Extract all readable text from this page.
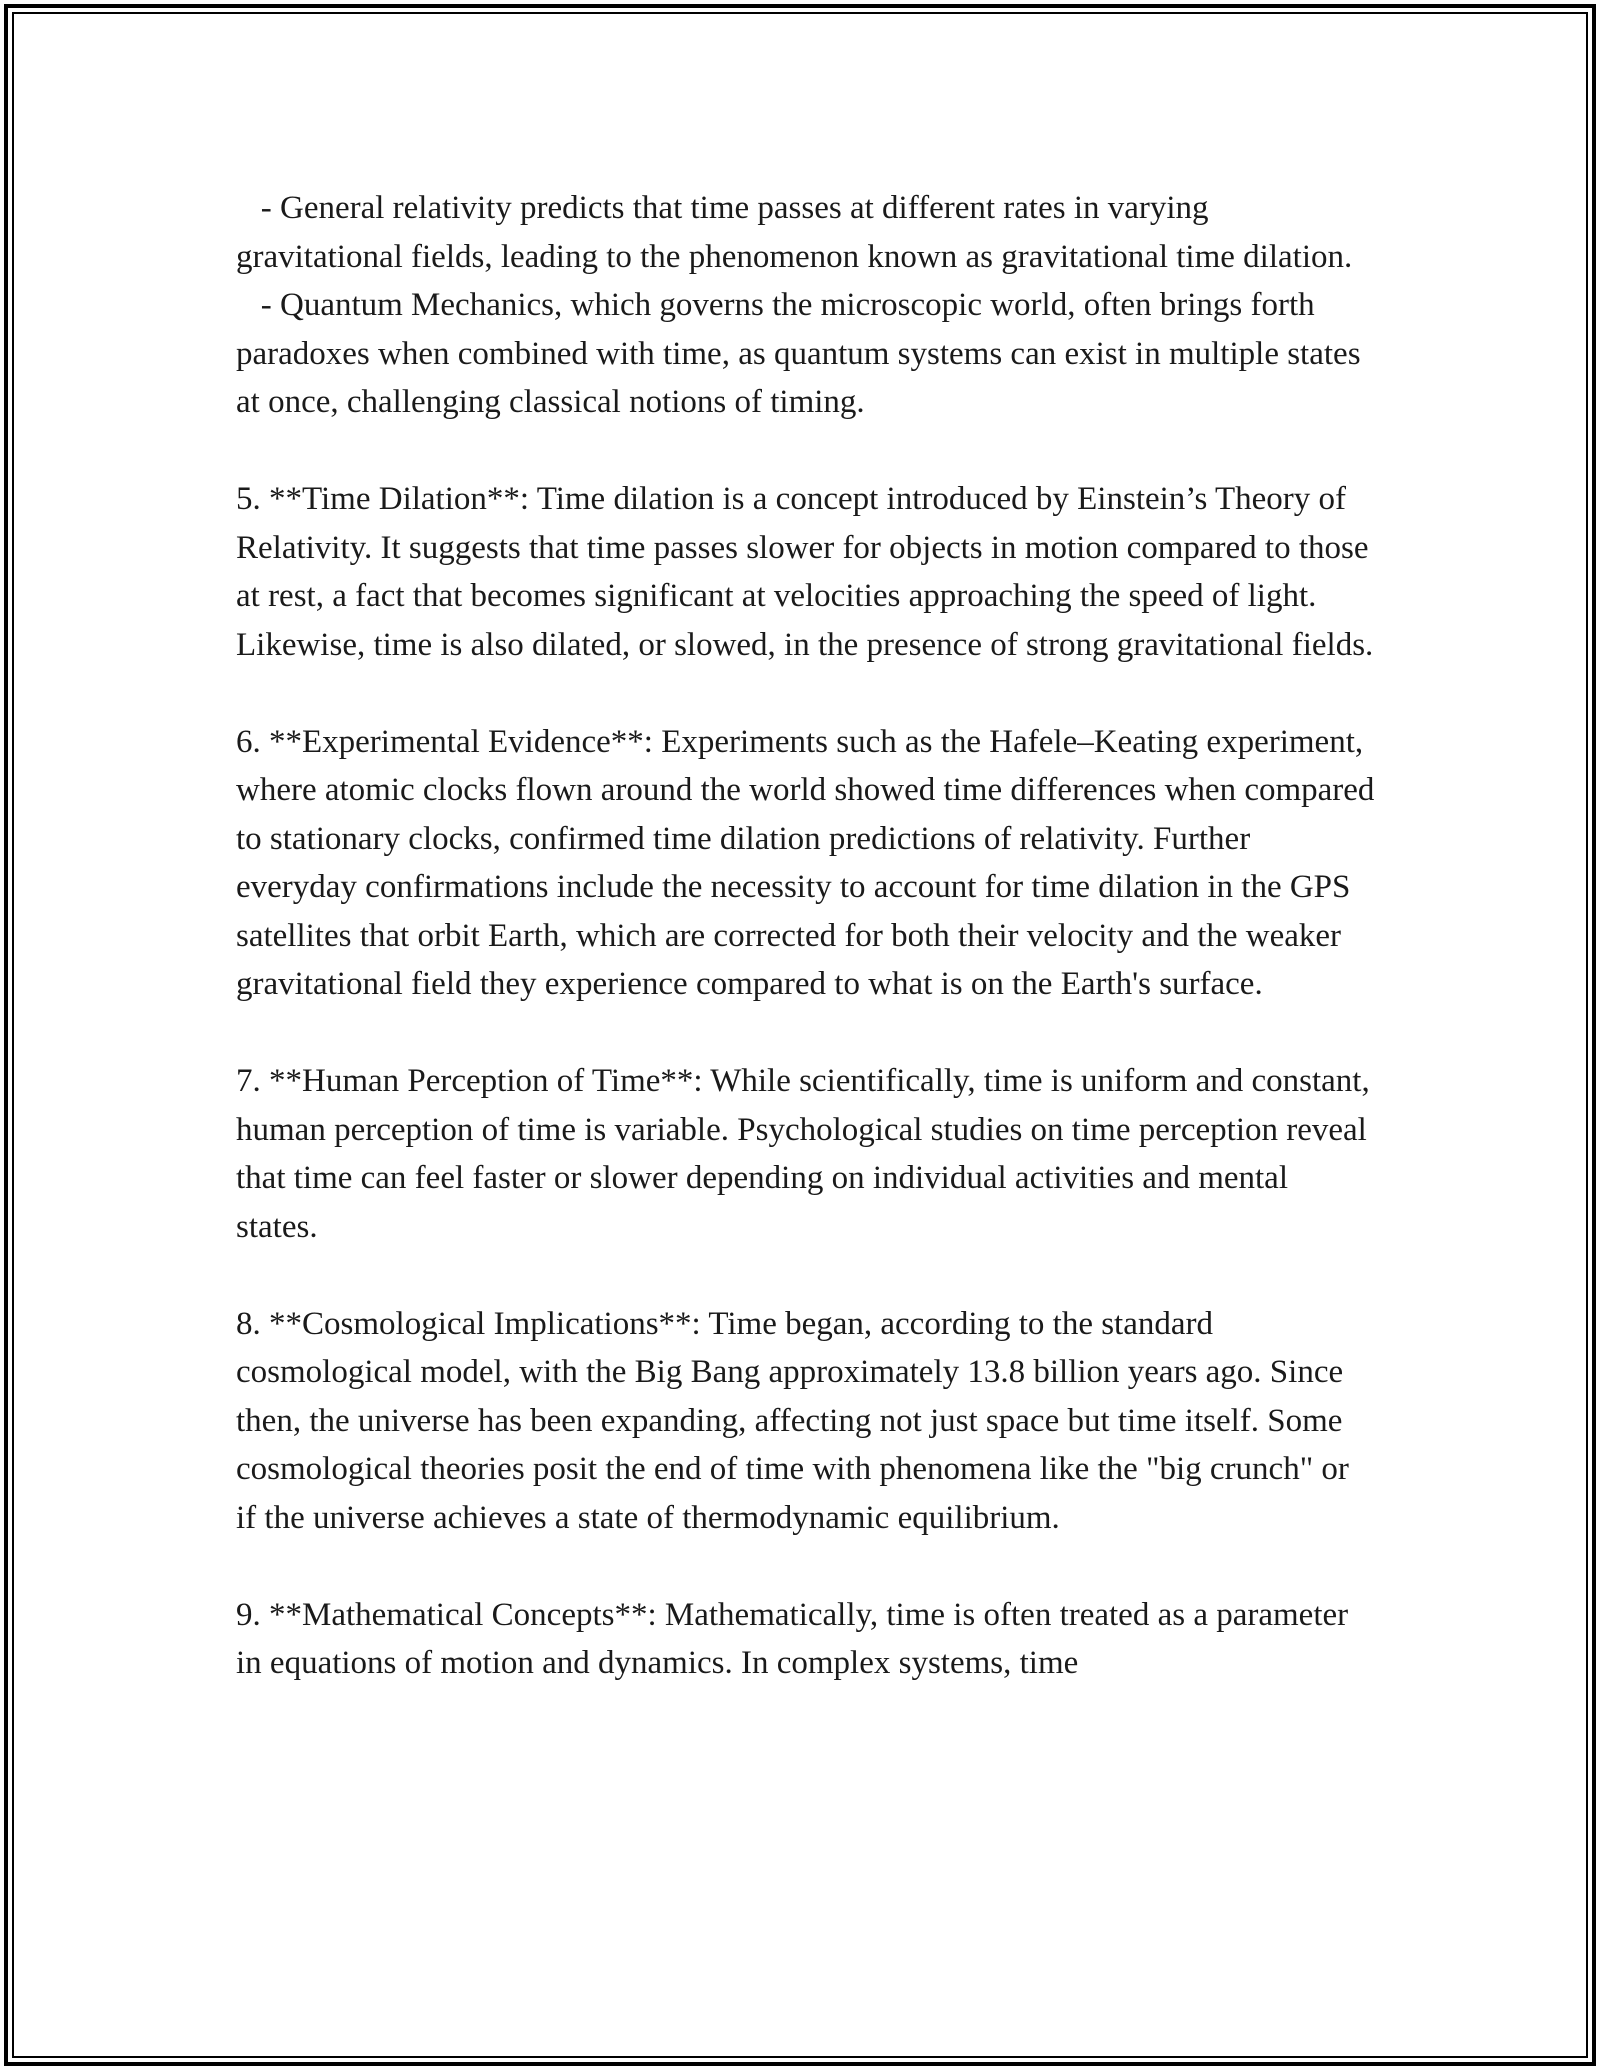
- General relativity predicts that time passes at different rates in varying gravitational fields, leading to the phenomenon known as gravitational time dilation.

- Quantum Mechanics, which governs the microscopic world, often brings forth paradoxes when combined with time, as quantum systems can exist in multiple states at once, challenging classical notions of timing.

5. **Time Dilation**: Time dilation is a concept introduced by Einstein’s Theory of Relativity. It suggests that time passes slower for objects in motion compared to those at rest, a fact that becomes significant at velocities approaching the speed of light. Likewise, time is also dilated, or slowed, in the presence of strong gravitational fields.

6. **Experimental Evidence**: Experiments such as the Hafele–Keating experiment, where atomic clocks flown around the world showed time differences when compared to stationary clocks, confirmed time dilation predictions of relativity. Further everyday confirmations include the necessity to account for time dilation in the GPS satellites that orbit Earth, which are corrected for both their velocity and the weaker gravitational field they experience compared to what is on the Earth's surface.

7. **Human Perception of Time**: While scientifically, time is uniform and constant, human perception of time is variable. Psychological studies on time perception reveal that time can feel faster or slower depending on individual activities and mental states.

8. **Cosmological Implications**: Time began, according to the standard cosmological model, with the Big Bang approximately 13.8 billion years ago. Since then, the universe has been expanding, affecting not just space but time itself. Some cosmological theories posit the end of time with phenomena like the "big crunch" or if the universe achieves a state of thermodynamic equilibrium.

9. **Mathematical Concepts**: Mathematically, time is often treated as a parameter in equations of motion and dynamics. In complex systems, time
